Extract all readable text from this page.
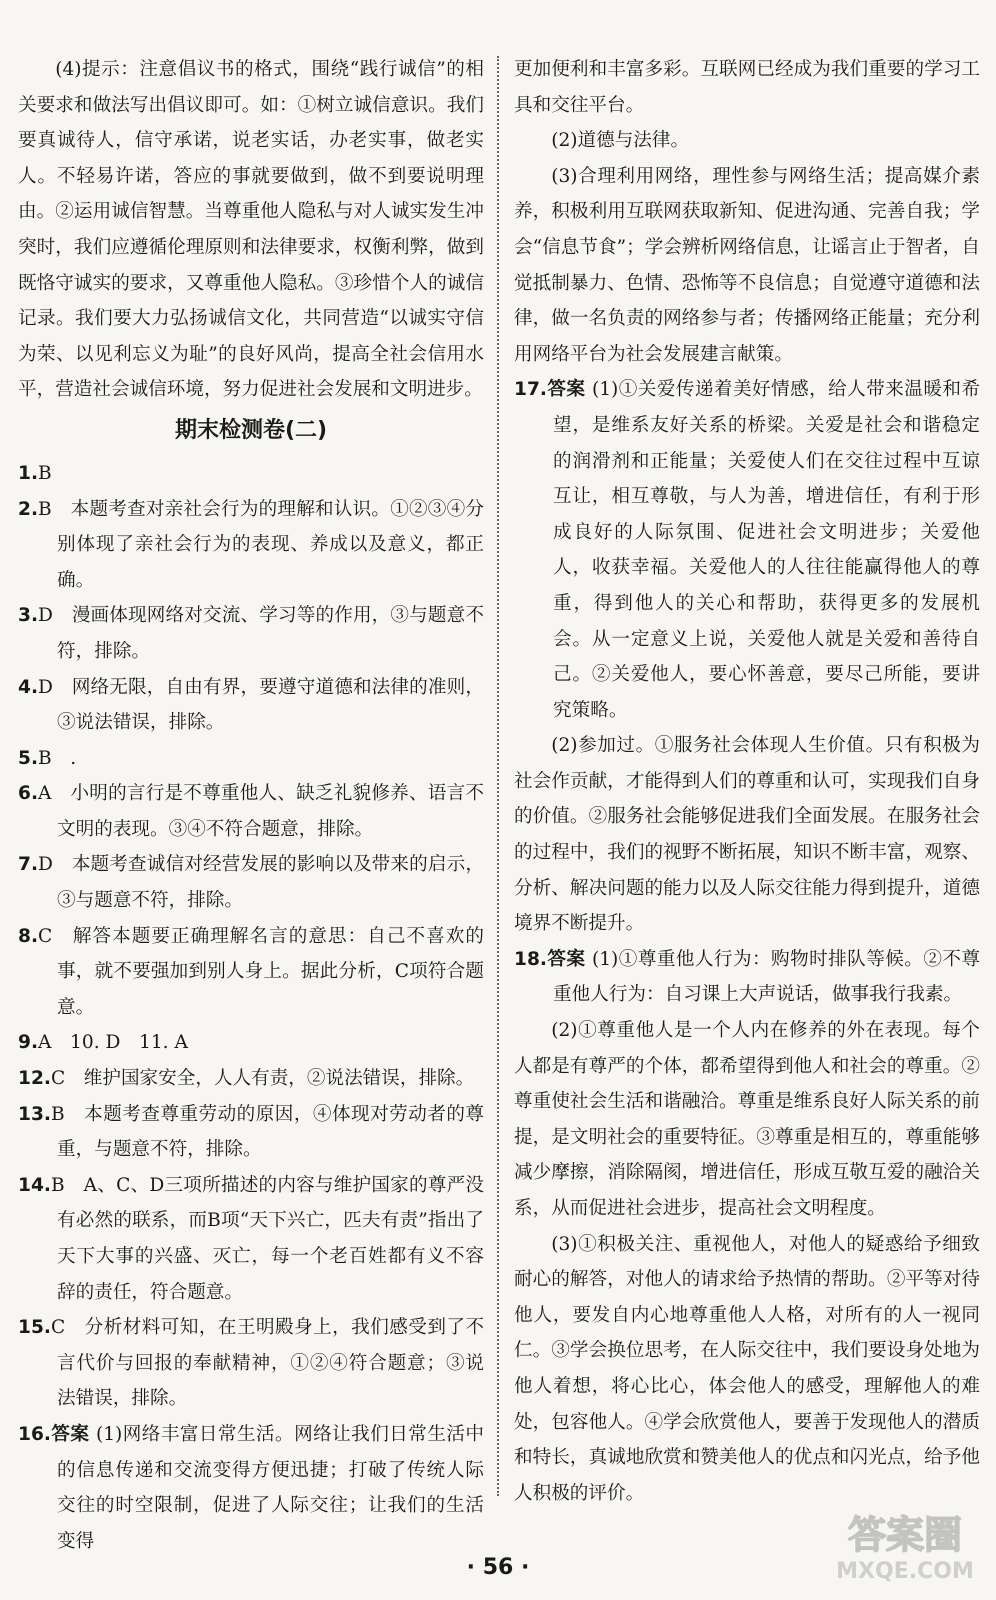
(4)提示：注意倡议书的格式，围绕“践行诚信”的相关要求和做法写出倡议即可。如：①树立诚信意识。我们要真诚待人，信守承诺，说老实话，办老实事，做老实人。不轻易许诺，答应的事就要做到，做不到要说明理由。②运用诚信智慧。当尊重他人隐私与对人诚实发生冲突时，我们应遵循伦理原则和法律要求，权衡利弊，做到既恪守诚实的要求，又尊重他人隐私。③珍惜个人的诚信记录。我们要大力弘扬诚信文化，共同营造“以诚实守信为荣、以见利忘义为耻”的良好风尚，提高全社会信用水平，营造社会诚信环境，努力促进社会发展和文明进步。

期末检测卷(二)

1.B

2.B　本题考查对亲社会行为的理解和认识。①②③④分别体现了亲社会行为的表现、养成以及意义，都正确。

3.D　漫画体现网络对交流、学习等的作用，③与题意不符，排除。

4.D　网络无限，自由有界，要遵守道德和法律的准则，③说法错误，排除。

5.B　.

6.A　小明的言行是不尊重他人、缺乏礼貌修养、语言不文明的表现。③④不符合题意，排除。

7.D　本题考查诚信对经营发展的影响以及带来的启示，③与题意不符，排除。

8.C　解答本题要正确理解名言的意思：自己不喜欢的事，就不要强加到别人身上。据此分析，C项符合题意。

9.A　10. D　11. A

12.C　维护国家安全，人人有责，②说法错误，排除。

13.B　本题考查尊重劳动的原因，④体现对劳动者的尊重，与题意不符，排除。

14.B　A、C、D三项所描述的内容与维护国家的尊严没有必然的联系，而B项“天下兴亡，匹夫有责”指出了天下大事的兴盛、灭亡，每一个老百姓都有义不容辞的责任，符合题意。

15.C　分析材料可知，在王明殿身上，我们感受到了不言代价与回报的奉献精神，①②④符合题意；③说法错误，排除。

16.答案 (1)网络丰富日常生活。网络让我们日常生活中的信息传递和交流变得方便迅捷；打破了传统人际交往的时空限制，促进了人际交往；让我们的生活变得

更加便利和丰富多彩。互联网已经成为我们重要的学习工具和交往平台。

(2)道德与法律。

(3)合理利用网络，理性参与网络生活；提高媒介素养，积极利用互联网获取新知、促进沟通、完善自我；学会“信息节食”；学会辨析网络信息，让谣言止于智者，自觉抵制暴力、色情、恐怖等不良信息；自觉遵守道德和法律，做一名负责的网络参与者；传播网络正能量；充分利用网络平台为社会发展建言献策。

17.答案 (1)①关爱传递着美好情感，给人带来温暖和希望，是维系友好关系的桥梁。关爱是社会和谐稳定的润滑剂和正能量；关爱使人们在交往过程中互谅互让，相互尊敬，与人为善，增进信任，有利于形成良好的人际氛围、促进社会文明进步；关爱他人，收获幸福。关爱他人的人往往能赢得他人的尊重，得到他人的关心和帮助，获得更多的发展机会。从一定意义上说，关爱他人就是关爱和善待自己。②关爱他人，要心怀善意，要尽己所能，要讲究策略。

(2)参加过。①服务社会体现人生价值。只有积极为社会作贡献，才能得到人们的尊重和认可，实现我们自身的价值。②服务社会能够促进我们全面发展。在服务社会的过程中，我们的视野不断拓展，知识不断丰富，观察、分析、解决问题的能力以及人际交往能力得到提升，道德境界不断提升。

18.答案 (1)①尊重他人行为：购物时排队等候。②不尊重他人行为：自习课上大声说话，做事我行我素。

(2)①尊重他人是一个人内在修养的外在表现。每个人都是有尊严的个体，都希望得到他人和社会的尊重。②尊重使社会生活和谐融洽。尊重是维系良好人际关系的前提，是文明社会的重要特征。③尊重是相互的，尊重能够减少摩擦，消除隔阂，增进信任，形成互敬互爱的融洽关系，从而促进社会进步，提高社会文明程度。

(3)①积极关注、重视他人，对他人的疑惑给予细致耐心的解答，对他人的请求给予热情的帮助。②平等对待他人，要发自内心地尊重他人人格，对所有的人一视同仁。③学会换位思考，在人际交往中，我们要设身处地为他人着想，将心比心，体会他人的感受，理解他人的难处，包容他人。④学会欣赏他人，要善于发现他人的潜质和特长，真诚地欣赏和赞美他人的优点和闪光点，给予他人积极的评价。

· 56 ·
答案圈
MXQE.COM
